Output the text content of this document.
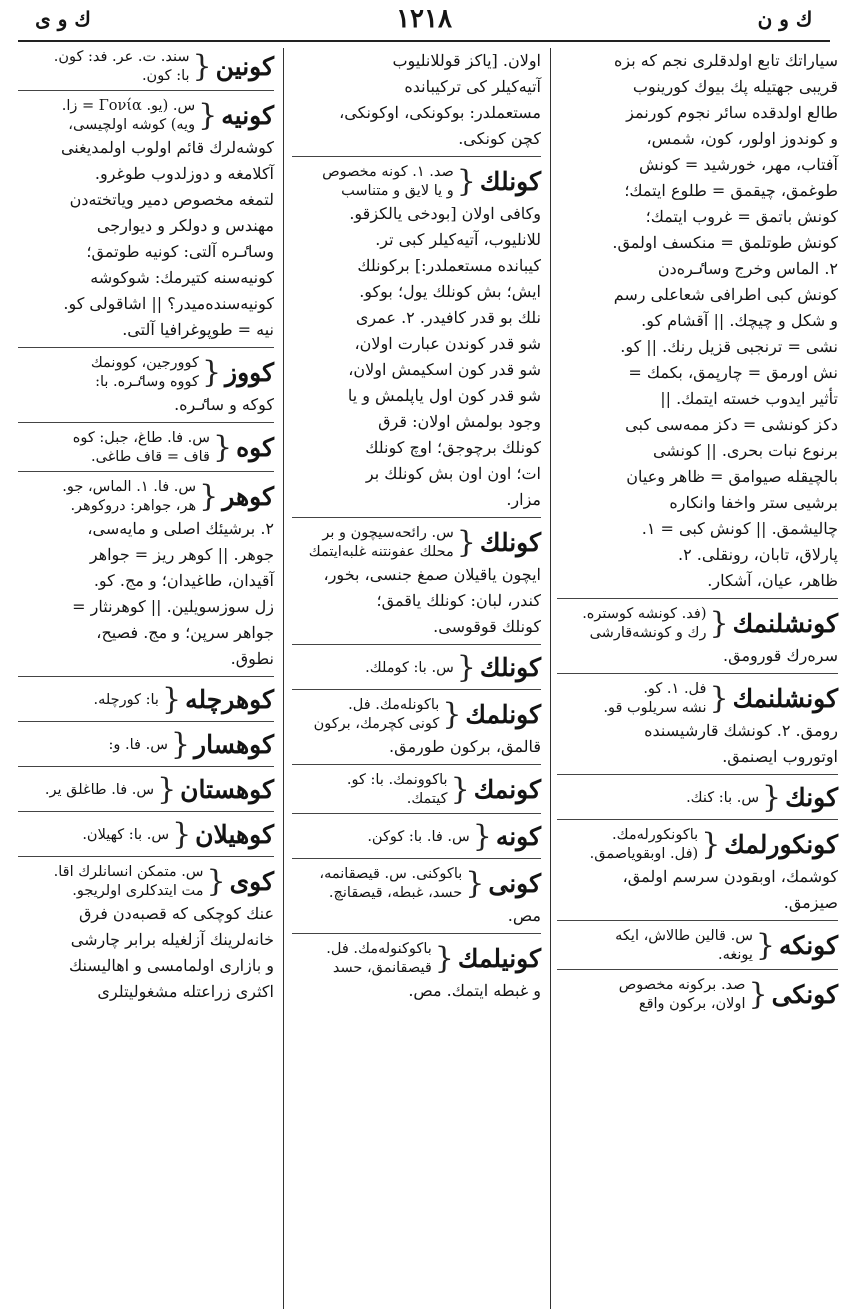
ك و ن
١٢١٨
ك و ى
سیاراتك تابع اولدقلری نجم کە بزە
قریبی جهتیلە پك بیوك کورینوب
طالع اولدقدە سائر نجوم کورنمز
و کوندوز اولور، کون، شمس،
آفتاب، مهر، خورشید = کونش
طوغمق، چیقمق = طلوع ایتمك؛
کونش باتمق = غروب ایتمك؛
کونش طوتلمق = منکسف اولمق.
٢. الماس وخرج وساٸرەدن
کونش کبی اطرافی شعاعلی رسم
و شکل و چیچك. || آقشام کو.
نشی = ترنجبی قزیل رنك. || کو.
نش اورمق = چارپمق، بکمك =
تأثیر ایدوب خستە ایتمك. ||
دکز کونشی = دکز ممەسی کبی
برنوع نبات بحری. || کونشی
بالچیقلە صیوامق = ظاهر وعیان
برشیی ستر واخفا وانکارە
چالیشمق. || کونش کبی = ١.
پارلاق، تابان، رونقلی. ٢.
ظاهر، عیان، آشکار.
کونشلنمك
{
(فد. کونشە کوسترە.
رك و کونشەقارشی
سرەرك قورومق.
کونشلنمك
{
فل. ١. کو.
نشە سریلوب قو.
رومق. ٢. کونشك قارشیسندە
اوتوروب ایصنمق.
کونك
{
س. با: کنك.
کونکورلمك
{
باکونکورلەمك.
(فل. اوبقویاصمق.
کوشمك، اوبقودن سرسم اولمق،
صیزمق.
کونکە
{
س. قالین طالاش، ایکە
یونغە.
کونکی
{
صد. برکونە مخصوص
اولان، برکون واقع
اولان. [یاکز قوللانلیوب
آتیەکیلر کی ترکیباندە
مستعملدر: بوکونکی، اوکونکی،
کچن کونکی.
کونلك
{
صد. ١. کونە مخصوص
و یا لایق و متناسب
وکافی اولان [بودخی یالکزقو.
للانلیوب، آتیەکیلر کبی تر.
کیباندە مستعملدر:] برکونلك
ایش؛ بش کونلك یول؛ بوکو.
نلك بو قدر کافیدر. ٢. عمری
شو قدر کوندن عبارت اولان،
شو قدر کون اسکیمش اولان،
شو قدر کون اول یاپلمش و یا
وجود بولمش اولان: قرق
کونلك برچوجق؛ اوچ کونلك
ات؛ اون اون بش کونلك بر
مزار.
کونلك
{
س. رائحەسیچون و بر
محلك عفونتنە غلبەایتمك
ایچون یاقیلان صمغ جنسی، بخور،
کندر، لبان: کونلك یاقمق؛
کونلك قوقوسی.
کونلك
{
س. با: کوملك.
کونلمك
{
باکونلەمك. فل.
کونی کچرمك، برکون
قالمق، برکون طورمق.
کونمك
{
باکوونمك. با: کو.
کیتمك.
کونە
{
س. فا. با: کوکن.
کونی
{
باکوکنی. س. قیصقانمە،
حسد، غبطە، قیصقانچ.
مص.
کونیلمك
{
باکوکنولەمك. فل.
قیصقانمق، حسد
و غبطە ایتمك. مص.
کونین
{
سند. ت. عر. فد: کون.
با: کون.
کونیە
{
س. (یو. Γονία = زا.
ویە) کوشە اولچیسی،
کوشەلرك قائم اولوب اولمدیغنی
آکلامغە و دوزلدوب طوغرو.
لتمغە مخصوص دمیر ویاتختەدن
مهندس و دولکر و دیوارجی
وساٸرە آلتی: کونیە طوتمق؛
کونیەسنە کتیرمك: شوکوشە
کونیەسندەمیدر؟ || اشاقولی کو.
نیە = طوپوغرافیا آلتی.
کووز
{
کوورجین، کوونمك
کووە وساٸرە. با:
کوکە و ساٸرە.
کوە
{
س. فا. طاغ، جبل: کوە
قاف = قاف طاغی.
کوهر
{
س. فا. ١. الماس، جو.
هر، جواهر: دروکوهر.
٢. برشیئك اصلی و مایەسی،
جوهر. || کوهر ریز = جواهر
آقیدان، طاغیدان؛ و مج. کو.
زل سوزسویلین. || کوهرنثار =
جواهر سرپن؛ و مج. فصیح،
نطوق.
کوهرچلە
{
با: کورچلە.
کوهسار
{
س. فا. و:
کوهستان
{
س. فا. طاغلق یر.
کوهیلان
{
س. با: کهیلان.
کوی
{
س. متمکن انسانلرك اقا.
مت ایتدکلری اولریجو.
عنك کوچکی کە قصبەدن فرق
خانەلرینك آزلغیلە برابر چارشی
و بازاری اولمامسی و اهالیسنك
اکثری زراعتلە مشغولیتلری
